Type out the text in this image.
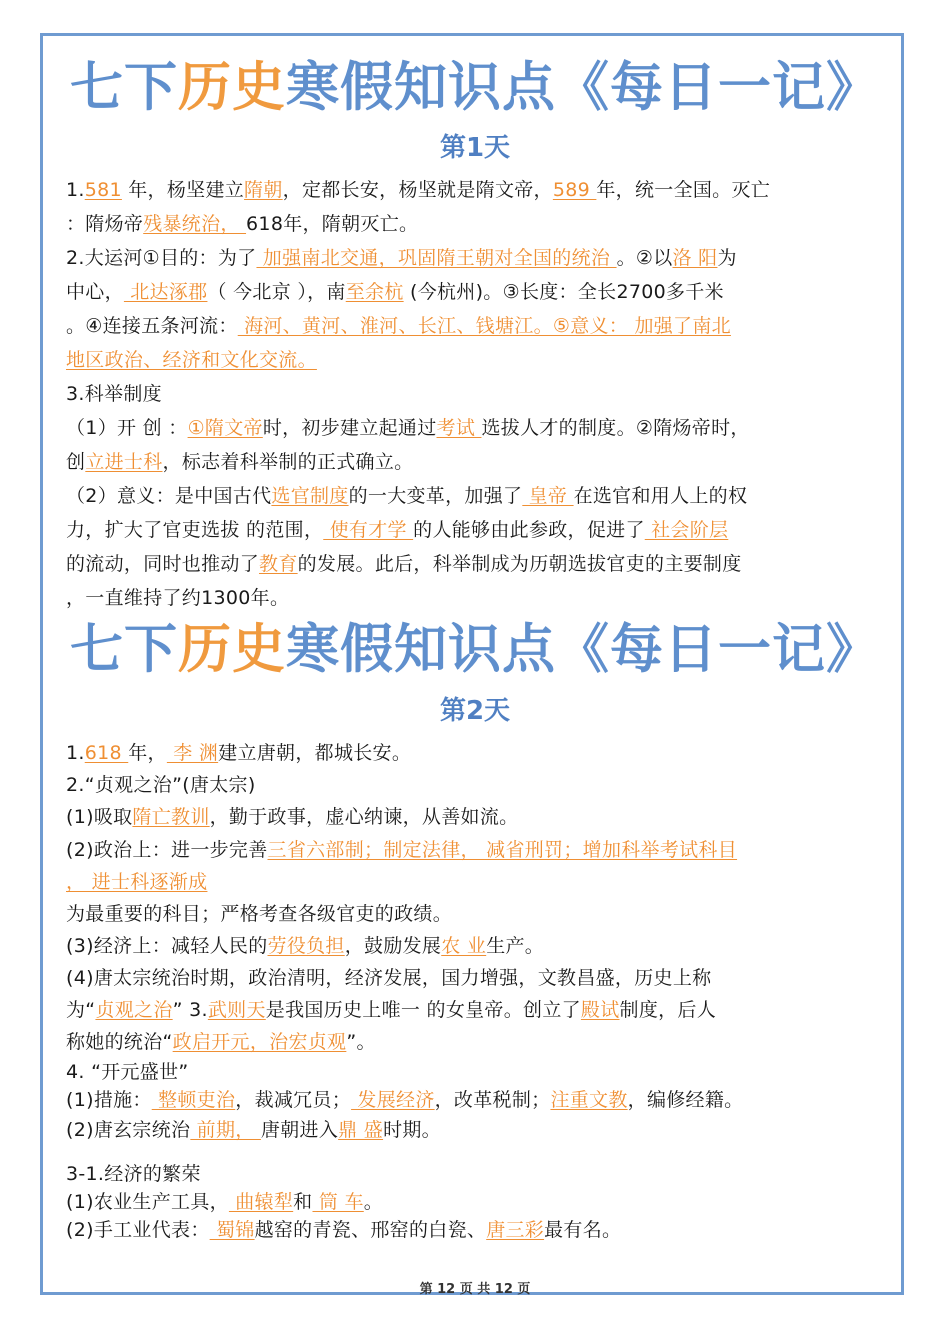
七下历史寒假知识点《每日一记》
第1天
1.581 年，杨坚建立隋朝，定都长安，杨坚就是隋文帝，589 年，统一全国。灭亡
：隋炀帝残暴统治， 618年，隋朝灭亡。
2.大运河①目的：为了 加强南北交通，巩固隋王朝对全国的统治 。②以洛 阳为
中心， 北达涿郡（ 今北京 ），南至余杭 (今杭州)。③长度：全长2700多千米
。④连接五条河流： 海河、黄河、淮河、长江、钱塘江。⑤意义： 加强了南北
地区政治、经济和文化交流。
3.科举制度
（1）开 创 ：①隋文帝时，初步建立起通过考试 选拔人才的制度。②隋炀帝时，
创立进士科，标志着科举制的正式确立。
（2）意义：是中国古代选官制度的一大变革，加强了 皇帝 在选官和用人上的权
力，扩大了官吏选拔 的范围， 使有才学 的人能够由此参政，促进了 社会阶层
的流动，同时也推动了教育的发展。此后，科举制成为历朝选拔官吏的主要制度
，一直维持了约1300年。
七下历史寒假知识点《每日一记》
第2天
1.618 年， 李 渊建立唐朝，都城长安。
2.“贞观之治”(唐太宗)
(1)吸取隋亡教训，勤于政事，虚心纳谏，从善如流。
(2)政治上：进一步完善三省六部制；制定法律， 减省刑罚；增加科举考试科目
， 进士科逐渐成
为最重要的科目；严格考查各级官吏的政绩。
(3)经济上：减轻人民的劳役负担，鼓励发展农 业生产。
(4)唐太宗统治时期，政治清明，经济发展，国力增强，文教昌盛，历史上称
为“贞观之治” 3.武则天是我国历史上唯一 的女皇帝。创立了殿试制度，后人
称她的统治“政启开元，治宏贞观”。
4. “开元盛世”
(1)措施： 整顿吏治，裁减冗员； 发展经济，改革税制；注重文教，编修经籍。
(2)唐玄宗统治 前期， 唐朝进入鼎 盛时期。
3-1.经济的繁荣
(1)农业生产工具， 曲辕犁和 筒 车。
(2)手工业代表： 蜀锦越窑的青瓷、邢窑的白瓷、唐三彩最有名。
第 12 页 共 12 页
